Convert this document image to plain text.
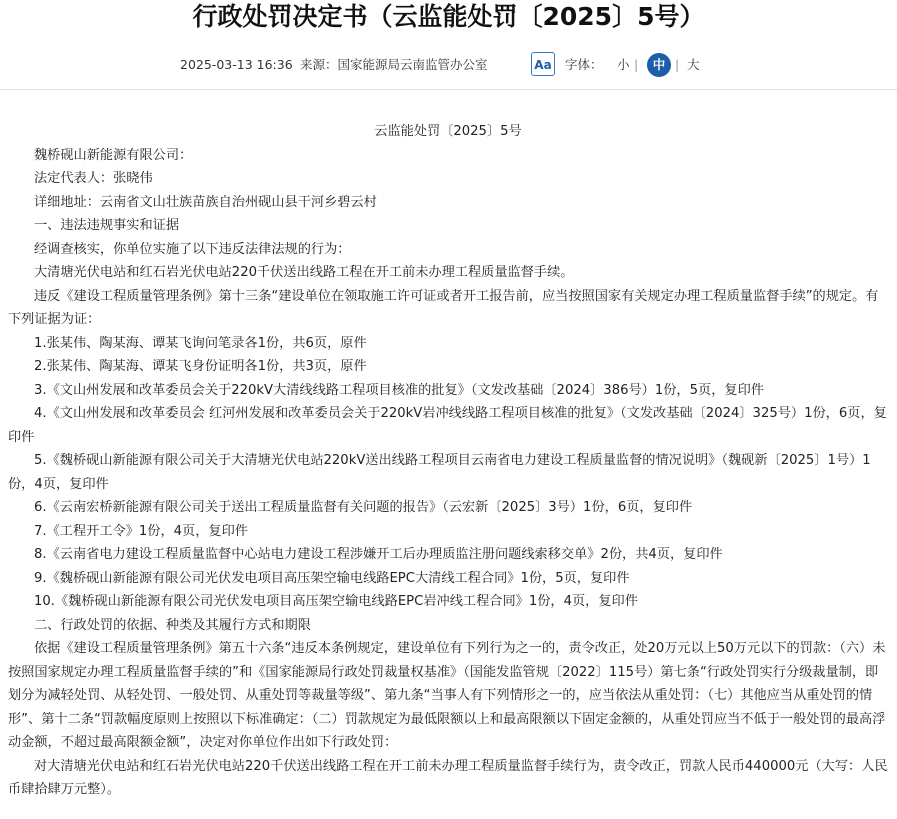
行政处罚决定书（云监能处罚〔2025〕5号）
2025-03-13 16:36 来源：国家能源局云南监管办公室	Aa 字体： 小 |	中 | 大

云监能处罚〔2025〕5号

魏桥砚山新能源有限公司：

法定代表人：张晓伟

详细地址：云南省文山壮族苗族自治州砚山县干河乡碧云村

一、违法违规事实和证据

经调查核实，你单位实施了以下违反法律法规的行为：

大清塘光伏电站和红石岩光伏电站220千伏送出线路工程在开工前未办理工程质量监督手续。

违反《建设工程质量管理条例》第十三条“建设单位在领取施工许可证或者开工报告前，应当按照国家有关规定办理工程质量监督手续”的规定。有下列证据为证：

1.张某伟、陶某海、谭某飞询问笔录各1份，共6页，原件

2.张某伟、陶某海、谭某飞身份证明各1份，共3页，原件

3.《文山州发展和改革委员会关于220kV大清线线路工程项目核准的批复》（文发改基础〔2024〕386号）1份，5页，复印件

4.《文山州发展和改革委员会 红河州发展和改革委员会关于220kV岩冲线线路工程项目核准的批复》（文发改基础〔2024〕325号）1份，6页，复印件

5.《魏桥砚山新能源有限公司关于大清塘光伏电站220kV送出线路工程项目云南省电力建设工程质量监督的情况说明》（魏砚新〔2025〕1号）1份，4页，复印件

6.《云南宏桥新能源有限公司关于送出工程质量监督有关问题的报告》（云宏新〔2025〕3号）1份，6页，复印件

7.《工程开工令》1份，4页，复印件

8.《云南省电力建设工程质量监督中心站电力建设工程涉嫌开工后办理质监注册问题线索移交单》2份，共4页，复印件

9.《魏桥砚山新能源有限公司光伏发电项目高压架空输电线路EPC大清线工程合同》1份，5页，复印件

10.《魏桥砚山新能源有限公司光伏发电项目高压架空输电线路EPC岩冲线工程合同》1份，4页，复印件

二、行政处罚的依据、种类及其履行方式和期限

依据《建设工程质量管理条例》第五十六条“违反本条例规定，建设单位有下列行为之一的，责令改正，处20万元以上50万元以下的罚款：（六）未按照国家规定办理工程质量监督手续的”和《国家能源局行政处罚裁量权基准》（国能发监管规〔2022〕115号）第七条“行政处罚实行分级裁量制，即划分为减轻处罚、从轻处罚、一般处罚、从重处罚等裁量等级”、第九条“当事人有下列情形之一的，应当依法从重处罚：（七）其他应当从重处罚的情形”、第十二条“罚款幅度原则上按照以下标准确定：（二）罚款规定为最低限额以上和最高限额以下固定金额的，从重处罚应当不低于一般处罚的最高浮动金额，不超过最高限额金额”，决定对你单位作出如下行政处罚：

对大清塘光伏电站和红石岩光伏电站220千伏送出线路工程在开工前未办理工程质量监督手续行为，责令改正，罚款人民币440000元（大写：人民币肆拾肆万元整）。
